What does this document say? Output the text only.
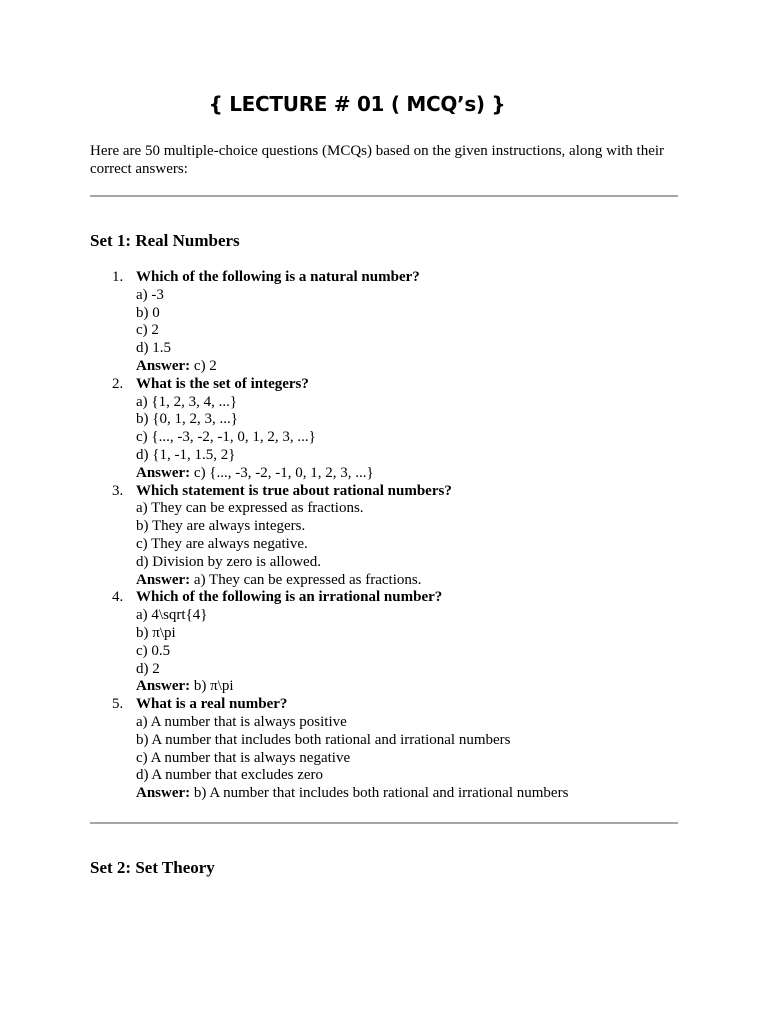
{ LECTURE # 01 ( MCQ’s) }

Here are 50 multiple-choice questions (MCQs) based on the given instructions, along with their correct answers:

Set 1: Real Numbers
1. Which of the following is a natural number?
a) -3
b) 0
c) 2
d) 1.5
Answer: c) 2
2. What is the set of integers?
a) {1, 2, 3, 4, ...}
b) {0, 1, 2, 3, ...}
c) {..., -3, -2, -1, 0, 1, 2, 3, ...}
d) {1, -1, 1.5, 2}
Answer: c) {..., -3, -2, -1, 0, 1, 2, 3, ...}
3. Which statement is true about rational numbers?
a) They can be expressed as fractions.
b) They are always integers.
c) They are always negative.
d) Division by zero is allowed.
Answer: a) They can be expressed as fractions.
4. Which of the following is an irrational number?
a) 4\sqrt{4}
b) π\pi
c) 0.5
d) 2
Answer: b) π\pi
5. What is a real number?
a) A number that is always positive
b) A number that includes both rational and irrational numbers
c) A number that is always negative
d) A number that excludes zero
Answer: b) A number that includes both rational and irrational numbers
Set 2: Set Theory
